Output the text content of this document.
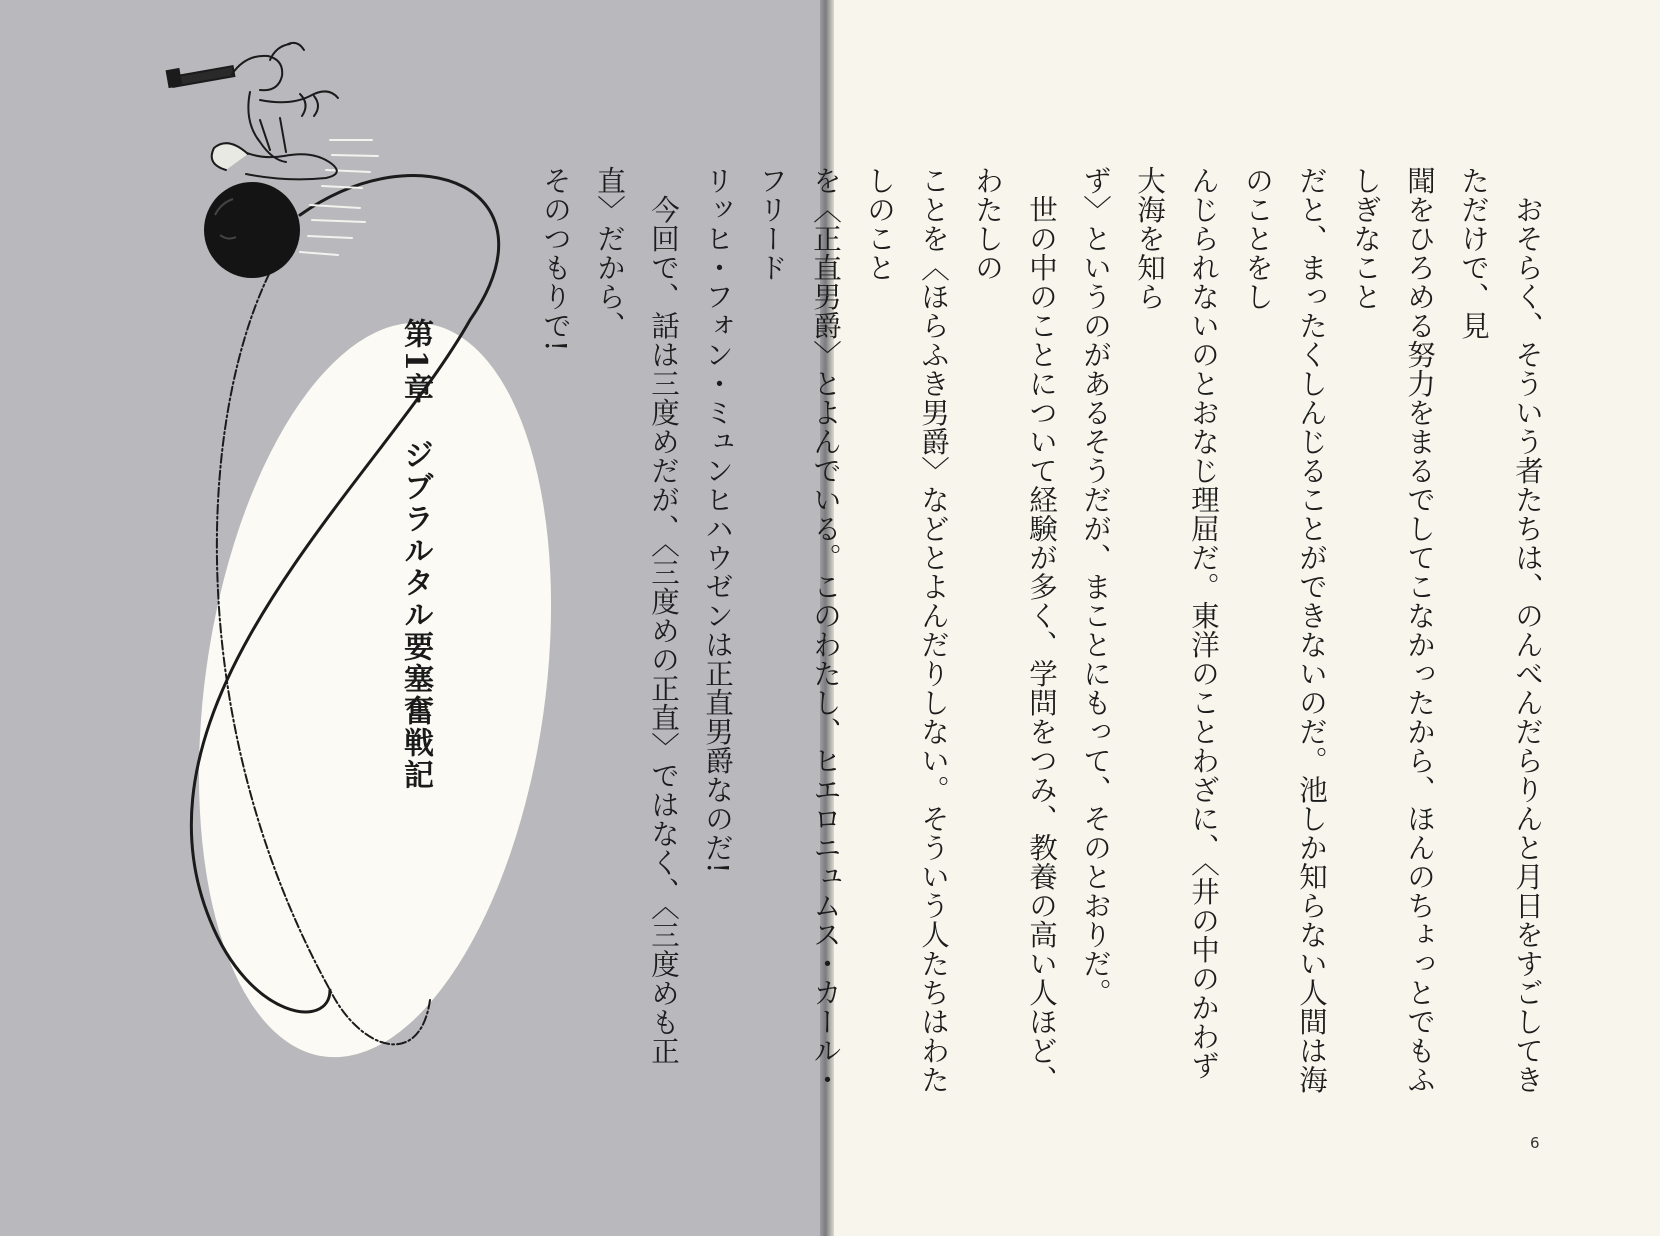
第1章ジブラルタル要塞奮戦記	おそらく、そういう者たちは、のんべんだらりんと月日をすごしてきただけで、見

聞をひろめる努力をまるでしてこなかったから、ほんのちょっとでもふしぎなこと

だと、まったくしんじることができないのだ。池しか知らない人間は海のことをし

んじられないのとおなじ理屈だ。東洋のことわざに、〈井の中のかわず大海を知ら

ず〉というのがあるそうだが、まことにもって、そのとおりだ。

世の中のことについて経験が多く、学問をつみ、教養の高い人ほど、わたしの

ことを〈ほらふき男爵〉などとよんだりしない。そういう人たちはわたしのこと

を〈正直男爵〉とよんでいる。このわたし、ヒエロニュムス・カール・フリード

リッヒ・フォン・ミュンヒハウゼンは正直男爵なのだ!

今回で、話は三度めだが、〈三度めの正直〉ではなく、〈三度めも正直〉だから、

そのつもりで!

6
